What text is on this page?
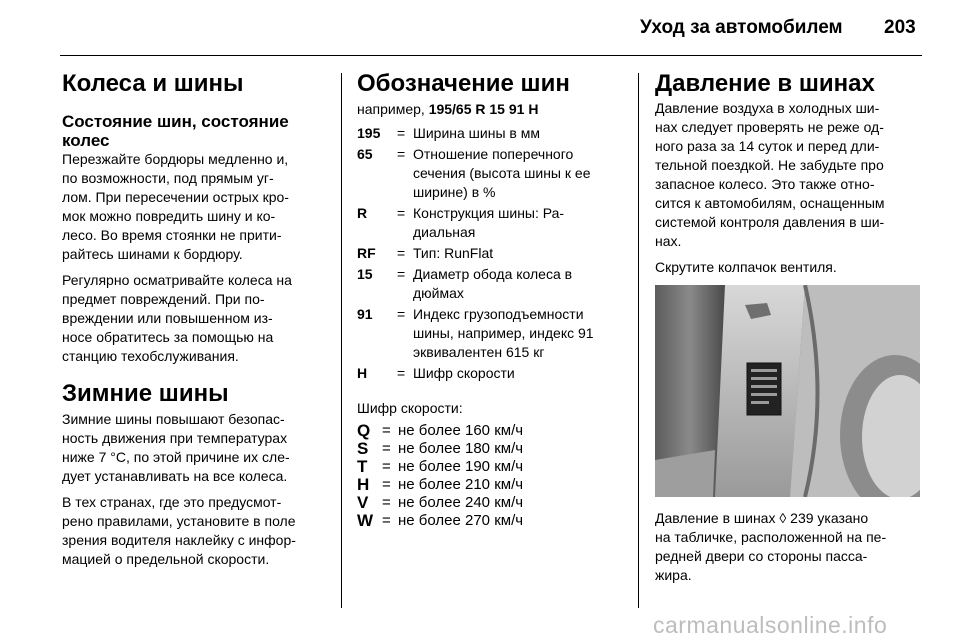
Уход за автомобилем 203
Колеса и шины
Состояние шин, состояние
колес
Перезжайте бордюры медленно и,
по возможности, под прямым уг-
лом. При пересечении острых кро-
мок можно повредить шину и ко-
лесо. Во время стоянки не прити-
райтесь шинами к бордюру.
Регулярно осматривайте колеса на
предмет повреждений. При по-
вреждении или повышенном из-
носе обратитесь за помощью на
станцию техобслуживания.
Зимние шины
Зимние шины повышают безопас-
ность движения при температурах
ниже 7 °C, по этой причине их сле-
дует устанавливать на все колеса.
В тех странах, где это предусмот-
рено правилами, установите в поле
зрения водителя наклейку с инфор-
мацией о предельной скорости.
Обозначение шин
например, 195/65 R 15 91 H
195	= Ширина шины в мм
65	= Отношение поперечного
сечения (высота шины к ее
ширине) в %
R	= Конструкция шины: Ра-
диальная
RF	= Тип: RunFlat
15	= Диаметр обода колеса в
дюймах
91	= Индекс грузоподъемности
шины, например, индекс 91
эквивалентен 615 кг
H	= Шифр скорости
Шифр скорости:
Q = не более 160 км/ч
S = не более 180 км/ч
T = не более 190 км/ч
H = не более 210 км/ч
V = не более 240 км/ч
W = не более 270 км/ч
Давление в шинах
Давление воздуха в холодных ши-
нах следует проверять не реже од-
ного раза за 14 суток и перед дли-
тельной поездкой. Не забудьте про
запасное колесо. Это также отно-
сится к автомобилям, оснащенным
системой контроля давления в ши-
нах.
Скрутите колпачок вентиля.
Давление в шинах ◊ 239 указано
на табличке, расположенной на пе-
редней двери со стороны пасса-
жира.
carmanualsonline.info
